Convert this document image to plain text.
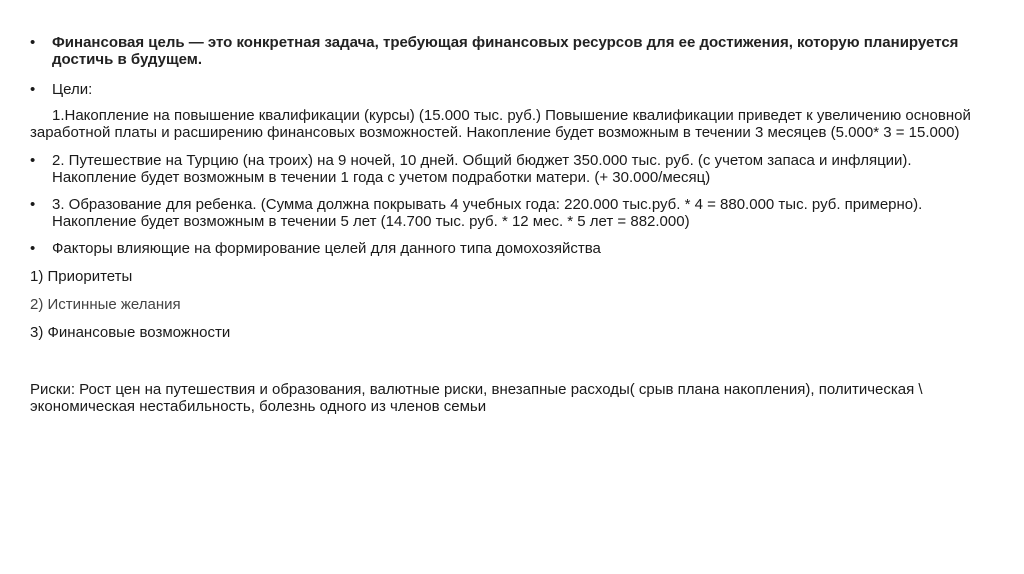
•	Финансовая цель — это конкретная задача, требующая финансовых ресурсов для ее достижения, которую планируется достичь в будущем.
•	Цели:
1.Накопление на повышение квалификации (курсы) (15.000 тыс. руб.) Повышение квалификации приведет к увеличению основной заработной платы и расширению финансовых возможностей. Накопление будет возможным в течении 3 месяцев (5.000* 3 = 15.000)
•	2. Путешествие на Турцию (на троих) на 9 ночей, 10 дней. Общий бюджет 350.000 тыс. руб. (с учетом запаса и инфляции). Накопление будет возможным в течении 1 года с учетом подработки матери. (+ 30.000/месяц)
•	3. Образование для ребенка. (Сумма должна покрывать 4 учебных года: 220.000 тыс.руб. * 4 = 880.000 тыс. руб. примерно). Накопление будет возможным в течении 5 лет (14.700 тыс. руб. * 12 мес. * 5 лет = 882.000)
•	Факторы влияющие на формирование целей для данного типа домохозяйства
1) Приоритеты
2) Истинные желания
3) Финансовые возможности
Риски: Рост цен на путешествия и образования, валютные риски, внезапные расходы( срыв плана накопления), политическая \ экономическая нестабильность, болезнь одного из членов семьи
